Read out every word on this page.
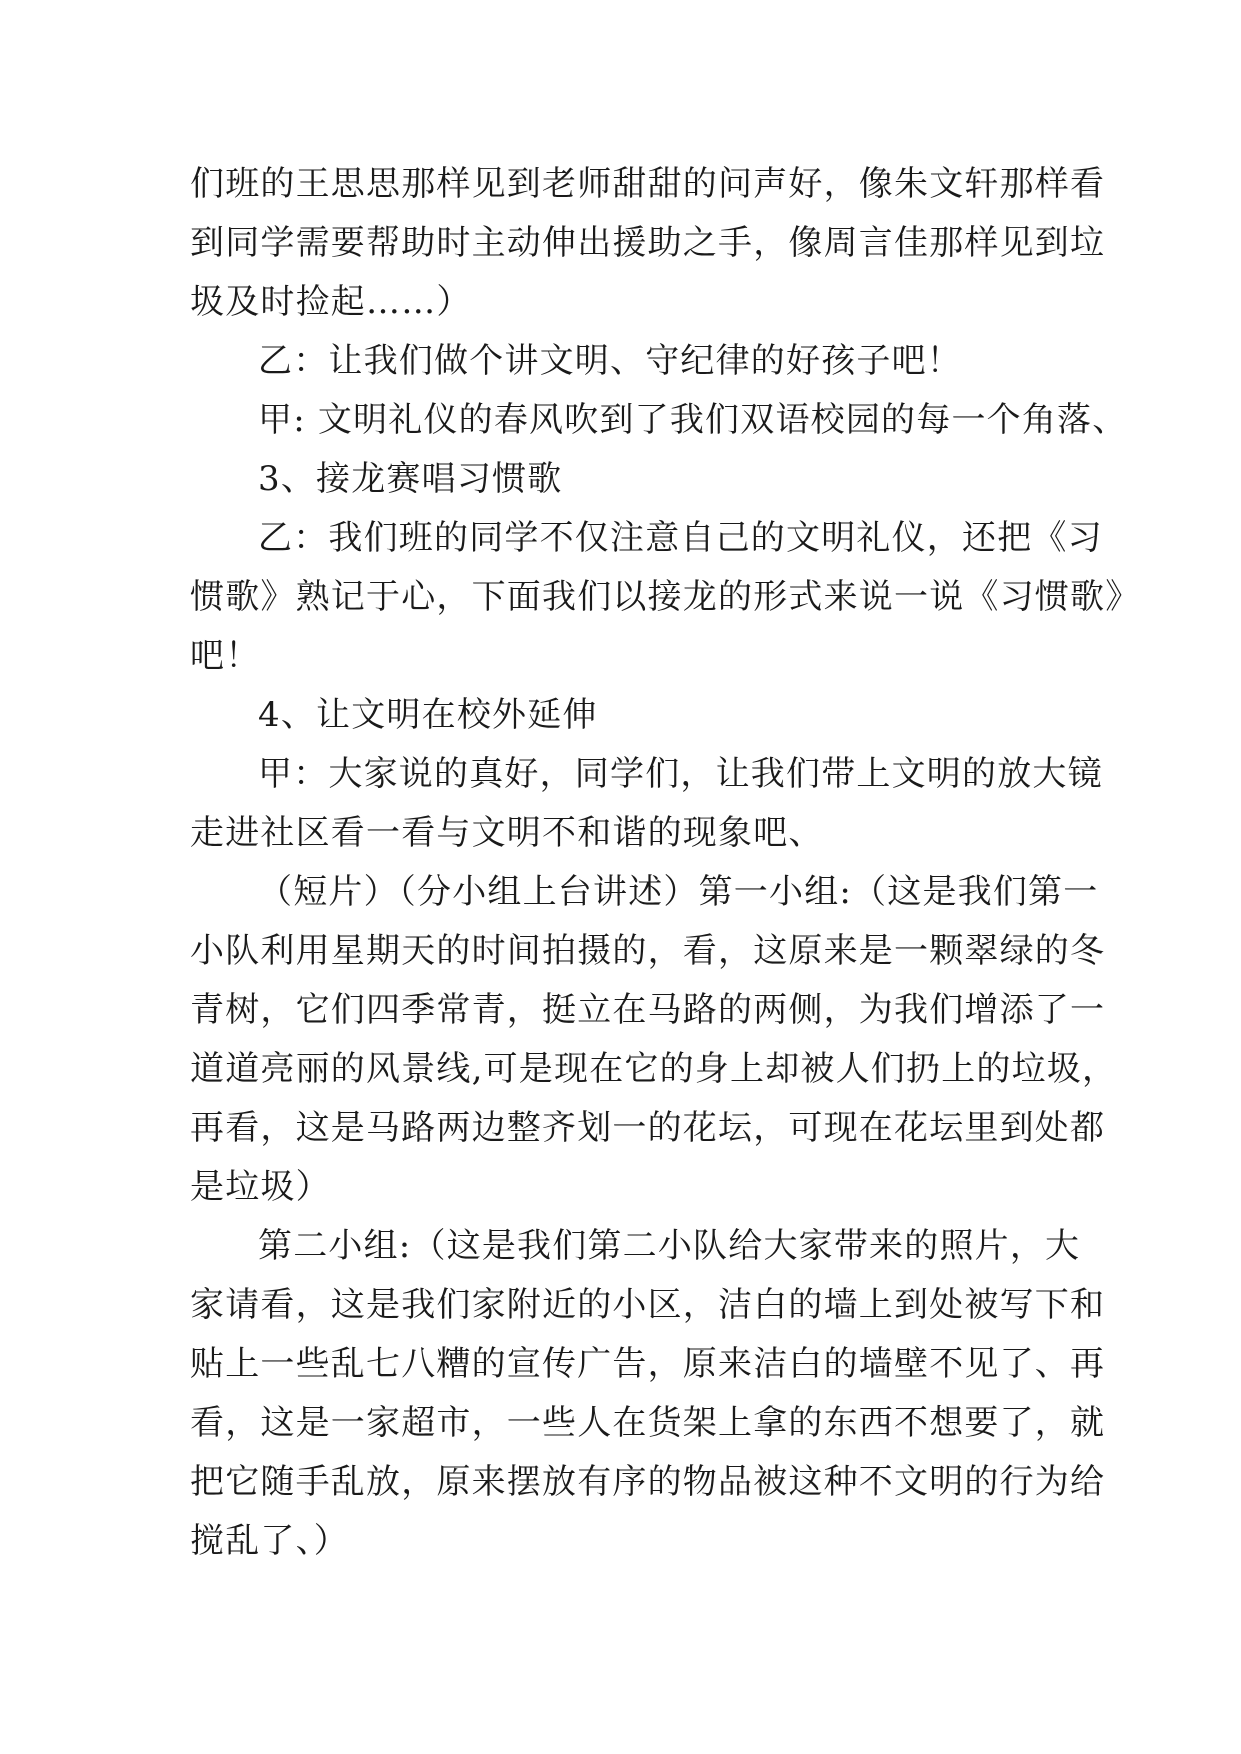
们班的王思思那样见到老师甜甜的问声好，像朱文轩那样看

到同学需要帮助时主动伸出援助之手，像周言佳那样见到垃

圾及时捡起……）

乙：让我们做个讲文明、守纪律的好孩子吧！

甲: 文明礼仪的春风吹到了我们双语校园的每一个角落、

3、接龙赛唱习惯歌

乙：我们班的同学不仅注意自己的文明礼仪，还把《习

惯歌》熟记于心，下面我们以接龙的形式来说一说《习惯歌》

吧！

4、让文明在校外延伸

甲：大家说的真好，同学们，让我们带上文明的放大镜

走进社区看一看与文明不和谐的现象吧、

（短片）（分小组上台讲述）第一小组:（这是我们第一

小队利用星期天的时间拍摄的，看，这原来是一颗翠绿的冬

青树，它们四季常青，挺立在马路的两侧，为我们增添了一

道道亮丽的风景线,可是现在它的身上却被人们扔上的垃圾，

再看，这是马路两边整齐划一的花坛，可现在花坛里到处都

是垃圾）

第二小组:（这是我们第二小队给大家带来的照片，大

家请看，这是我们家附近的小区，洁白的墙上到处被写下和

贴上一些乱七八糟的宣传广告，原来洁白的墙壁不见了、再

看，这是一家超市，一些人在货架上拿的东西不想要了，就

把它随手乱放，原来摆放有序的物品被这种不文明的行为给

搅乱了、）
